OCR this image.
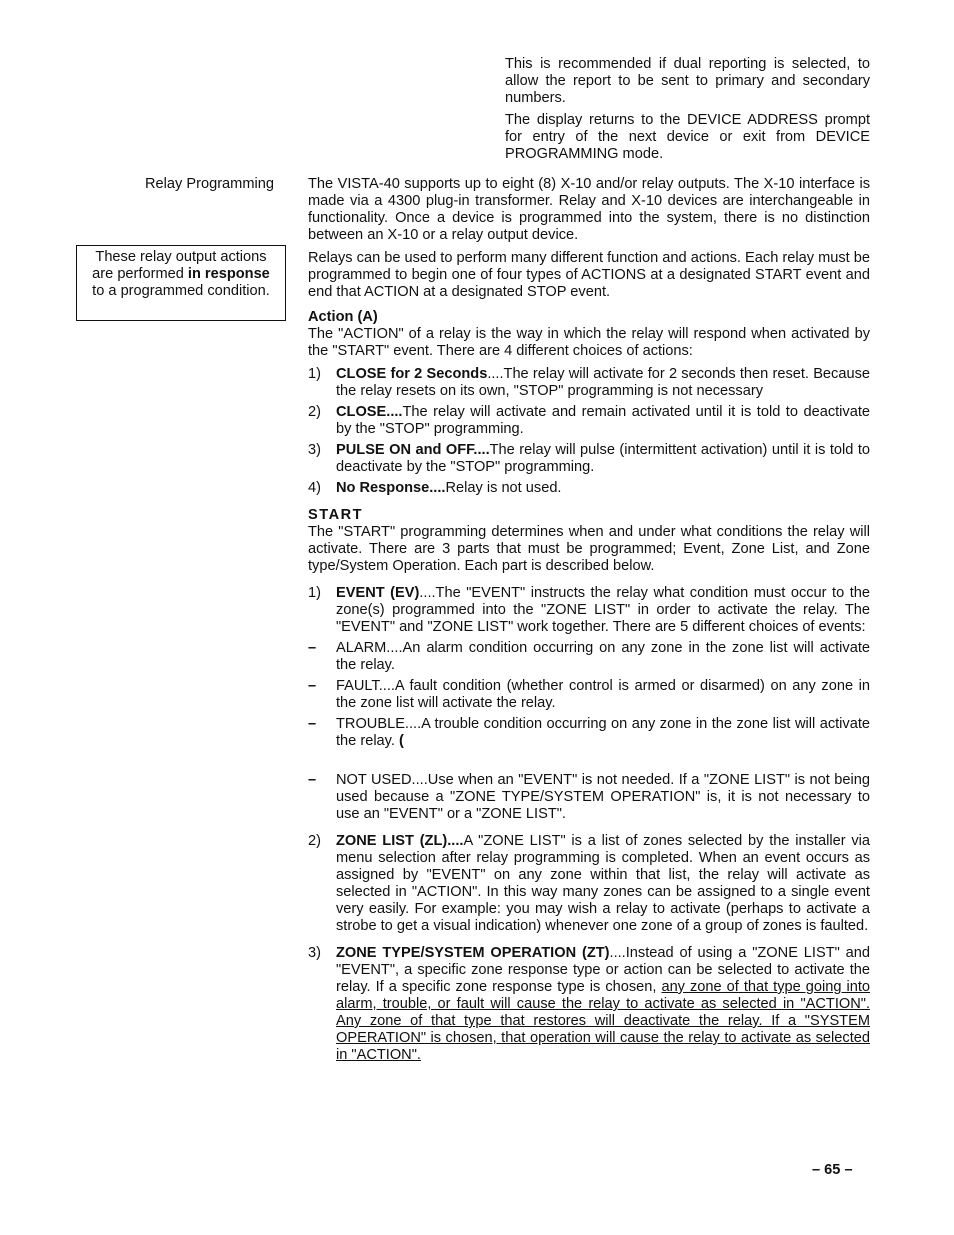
This is recommended if dual reporting is selected, to allow the report to be sent to primary and secondary numbers.

The display returns to the DEVICE ADDRESS prompt for entry of the next device or exit from DEVICE PROGRAMMING mode.

Relay Programming
These relay output actions are performed in response to a programmed condition.

The VISTA-40 supports up to eight (8) X-10 and/or relay outputs. The X-10 interface is made via a 4300 plug-in transformer. Relay and X-10 devices are interchangeable in functionality. Once a device is programmed into the system, there is no distinction between an X-10 or a relay output device.

Relays can be used to perform many different function and actions. Each relay must be programmed to begin one of four types of ACTIONS at a designated START event and end that ACTION at a designated STOP event.

Action (A)

The "ACTION" of a relay is the way in which the relay will respond when activated by the "START" event. There are 4 different choices of actions:

1) CLOSE for 2 Seconds....The relay will activate for 2 seconds then reset. Because the relay resets on its own, "STOP" programming is not necessary
2) CLOSE....The relay will activate and remain activated until it is told to deactivate by the "STOP" programming.
3) PULSE ON and OFF....The relay will pulse (intermittent activation) until it is told to deactivate by the "STOP" programming.
4) No Response....Relay is not used.

START

The "START" programming determines when and under what conditions the relay will activate. There are 3 parts that must be programmed; Event, Zone List, and Zone type/System Operation. Each part is described below.

1) EVENT (EV)....The "EVENT" instructs the relay what condition must occur to the zone(s) programmed into the "ZONE LIST" in order to activate the relay. The "EVENT" and "ZONE LIST" work together. There are 5 different choices of events:
– ALARM....An alarm condition occurring on any zone in the zone list will activate the relay.
– FAULT....A fault condition (whether control is armed or disarmed) on any zone in the zone list will activate the relay.
– TROUBLE....A trouble condition occurring on any zone in the zone list will activate the relay. (
– NOT USED....Use when an "EVENT" is not needed. If a "ZONE LIST" is not being used because a "ZONE TYPE/SYSTEM OPERATION" is, it is not necessary to use an "EVENT" or a "ZONE LIST".
2) ZONE LIST (ZL)....A "ZONE LIST" is a list of zones selected by the installer via menu selection after relay programming is completed. When an event occurs as assigned by "EVENT" on any zone within that list, the relay will activate as selected in "ACTION". In this way many zones can be assigned to a single event very easily. For example: you may wish a relay to activate (perhaps to activate a strobe to get a visual indication) whenever one zone of a group of zones is faulted.
3) ZONE TYPE/SYSTEM OPERATION (ZT)....Instead of using a "ZONE LIST" and "EVENT", a specific zone response type or action can be selected to activate the relay. If a specific zone response type is chosen, any zone of that type going into alarm, trouble, or fault will cause the relay to activate as selected in "ACTION". Any zone of that type that restores will deactivate the relay. If a "SYSTEM OPERATION" is chosen, that operation will cause the relay to activate as selected in "ACTION".
– 65 –
